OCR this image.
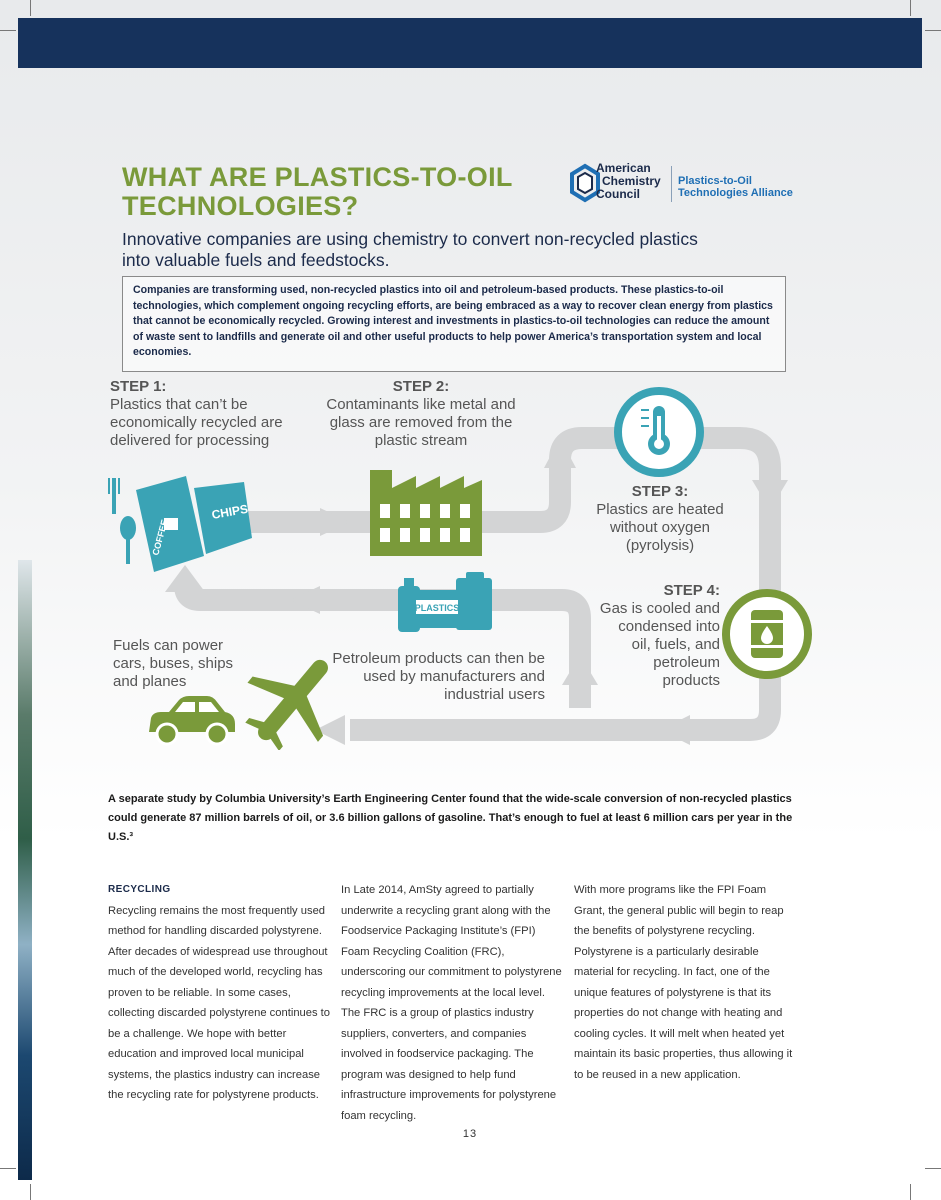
WHAT ARE PLASTICS-TO-OIL TECHNOLOGIES?
American
Chemistry
Council
Plastics-to-Oil
Technologies Alliance
Innovative companies are using chemistry to convert non-recycled plastics into valuable fuels and feedstocks.
Companies are transforming used, non-recycled plastics into oil and petroleum-based products. These plastics-to-oil technologies, which complement ongoing recycling efforts, are being embraced as a way to recover clean energy from plastics that cannot be economically recycled. Growing interest and investments in plastics-to-oil technologies can reduce the amount of waste sent to landfills and generate oil and other useful products to help power America’s transportation system and local economies.
STEP 1:
Plastics that can’t be economically recycled are delivered for processing
STEP 2:
Contaminants like metal and glass are removed from the plastic stream
STEP 3:
Plastics are heated without oxygen (pyrolysis)
STEP 4:
Gas is cooled and condensed into oil, fuels, and petroleum products
Fuels can power cars, buses, ships and planes
Petroleum products can then be used by manufacturers and industrial users
CHIPS
COFFEE
PLASTICS
A separate study by Columbia University’s Earth Engineering Center found that the wide-scale conversion of non-recycled plastics could generate 87 million barrels of oil, or 3.6 billion gallons of gasoline. That’s enough to fuel at least 6 million cars per year in the U.S.³
RECYCLING
Recycling remains the most frequently used method for handling discarded polystyrene. After decades of widespread use throughout much of the developed world, recycling has proven to be reliable. In some cases, collecting discarded polystyrene continues to be a challenge. We hope with better education and improved local municipal systems, the plastics industry can increase the recycling rate for polystyrene products.
In Late 2014, AmSty agreed to partially underwrite a recycling grant along with the Foodservice Packaging Institute’s (FPI) Foam Recycling Coalition (FRC), underscoring our commitment to polystyrene recycling improvements at the local level. The FRC is a group of plastics industry suppliers, converters, and companies involved in foodservice packaging. The program was designed to help fund infrastructure improvements for polystyrene foam recycling.
With more programs like the FPI Foam Grant, the general public will begin to reap the benefits of polystyrene recycling. Polystyrene is a particularly desirable material for recycling. In fact, one of the unique features of polystyrene is that its properties do not change with heating and cooling cycles. It will melt when heated yet maintain its basic properties, thus allowing it to be reused in a new application.
13
